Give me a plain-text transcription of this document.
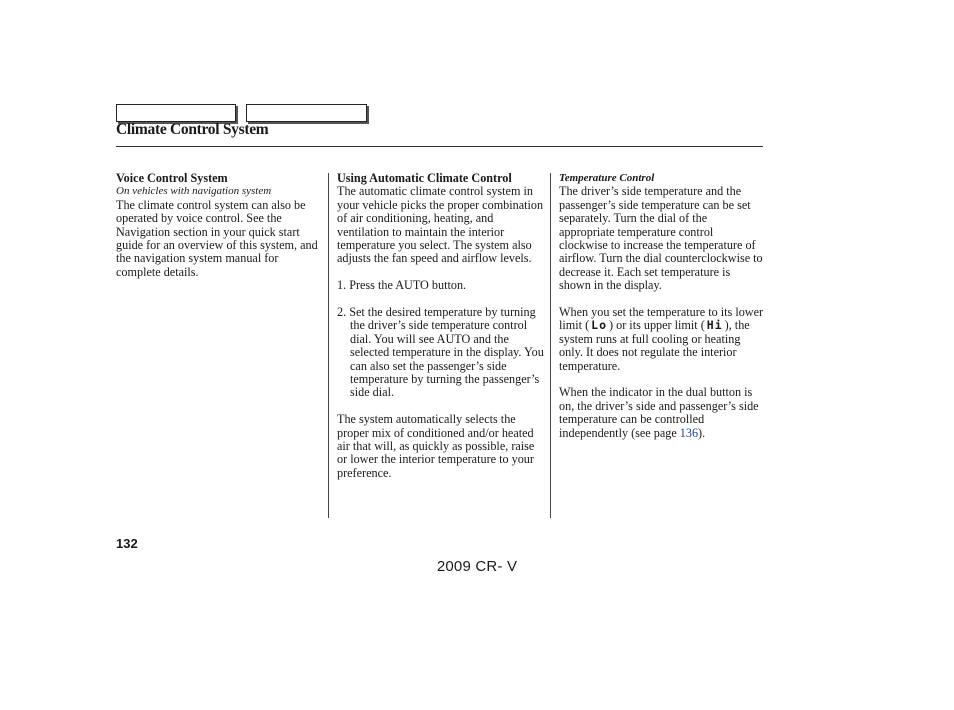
Climate Control System
Voice Control System
On vehicles with navigation system

The climate control system can also be operated by voice control. See the Navigation section in your quick start guide for an overview of this system, and the navigation system manual for complete details.

Using Automatic Climate Control

The automatic climate control system in your vehicle picks the proper combination of air conditioning, heating, and ventilation to maintain the interior temperature you select. The system also adjusts the fan speed and airflow levels.

1. Press the AUTO button.

2. Set the desired temperature by turning the driver’s side temperature control dial. You will see AUTO and the selected temperature in the display. You can also set the passenger’s side temperature by turning the passenger’s side dial.

The system automatically selects the proper mix of conditioned and/or heated air that will, as quickly as possible, raise or lower the interior temperature to your preference.

Temperature Control

The driver’s side temperature and the passenger’s side temperature can be set separately. Turn the dial of the appropriate temperature control clockwise to increase the temperature of airflow. Turn the dial counterclockwise to decrease it. Each set temperature is shown in the display.

When you set the temperature to its lower limit ( Lo ) or its upper limit ( Hi ), the system runs at full cooling or heating only. It does not regulate the interior temperature.

When the indicator in the dual button is on, the driver’s side and passenger’s side temperature can be controlled independently (see page 136).

132
2009 CR- V
